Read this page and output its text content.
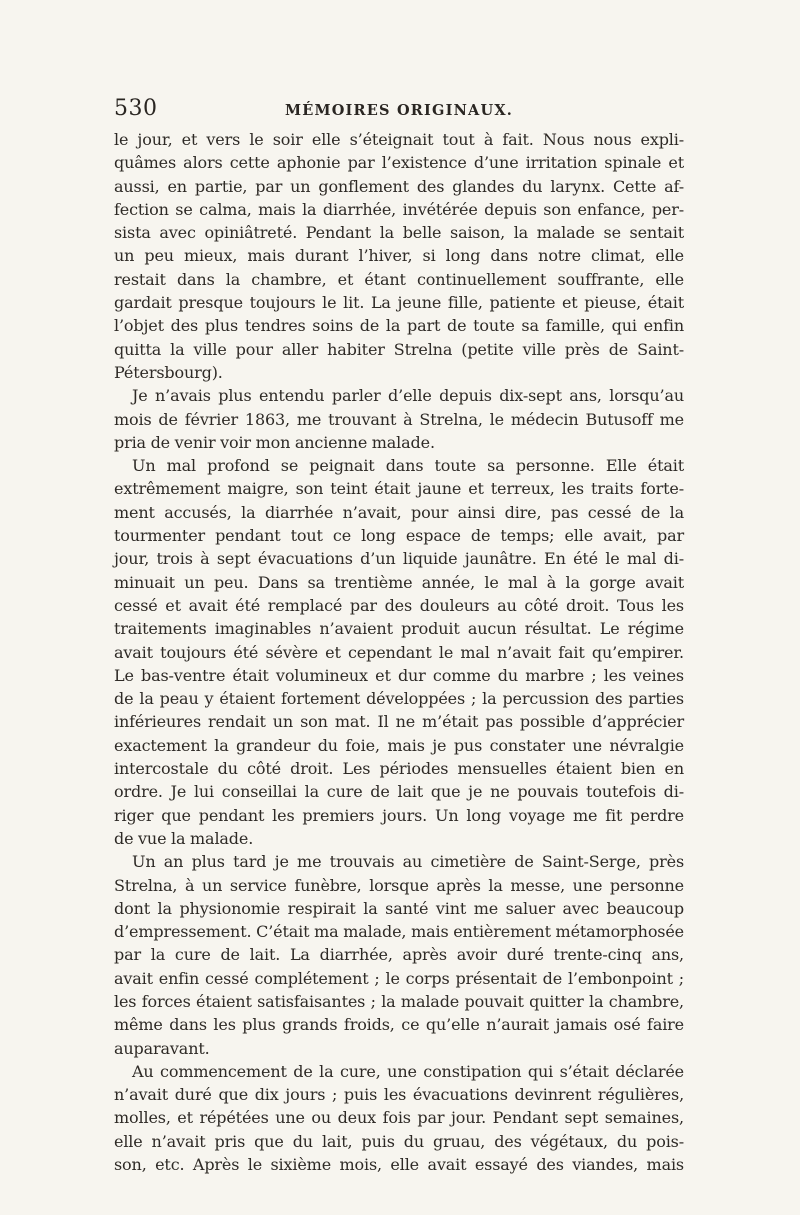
530	MÉMOIRES ORIGINAUX.
le jour, et vers le soir elle s’éteignait tout à fait. Nous nous expli-
quâmes alors cette aphonie par l’existence d’une irritation spinale et
aussi, en partie, par un gonflement des glandes du larynx. Cette af-
fection se calma, mais la diarrhée, invétérée depuis son enfance, per-
sista avec opiniâtreté. Pendant la belle saison, la malade se sentait
un peu mieux, mais durant l’hiver, si long dans notre climat, elle
restait dans la chambre, et étant continuellement souffrante, elle
gardait presque toujours le lit. La jeune fille, patiente et pieuse, était
l’objet des plus tendres soins de la part de toute sa famille, qui enfin
quitta la ville pour aller habiter Strelna (petite ville près de Saint-
Pétersbourg).
Je n’avais plus entendu parler d’elle depuis dix-sept ans, lorsqu’au
mois de février 1863, me trouvant à Strelna, le médecin Butusoff me
pria de venir voir mon ancienne malade.
Un mal profond se peignait dans toute sa personne. Elle était
extrêmement maigre, son teint était jaune et terreux, les traits forte-
ment accusés, la diarrhée n’avait, pour ainsi dire, pas cessé de la
tourmenter pendant tout ce long espace de temps; elle avait, par
jour, trois à sept évacuations d’un liquide jaunâtre. En été le mal di-
minuait un peu. Dans sa trentième année, le mal à la gorge avait
cessé et avait été remplacé par des douleurs au côté droit. Tous les
traitements imaginables n’avaient produit aucun résultat. Le régime
avait toujours été sévère et cependant le mal n’avait fait qu’empirer.
Le bas-ventre était volumineux et dur comme du marbre ; les veines
de la peau y étaient fortement développées ; la percussion des parties
inférieures rendait un son mat. Il ne m’était pas possible d’apprécier
exactement la grandeur du foie, mais je pus constater une névralgie
intercostale du côté droit. Les périodes mensuelles étaient bien en
ordre. Je lui conseillai la cure de lait que je ne pouvais toutefois di-
riger que pendant les premiers jours. Un long voyage me fit perdre
de vue la malade.
Un an plus tard je me trouvais au cimetière de Saint-Serge, près
Strelna, à un service funèbre, lorsque après la messe, une personne
dont la physionomie respirait la santé vint me saluer avec beaucoup
d’empressement. C’était ma malade, mais entièrement métamorphosée
par la cure de lait. La diarrhée, après avoir duré trente-cinq ans,
avait enfin cessé complétement ; le corps présentait de l’embonpoint ;
les forces étaient satisfaisantes ; la malade pouvait quitter la chambre,
même dans les plus grands froids, ce qu’elle n’aurait jamais osé faire
auparavant.
Au commencement de la cure, une constipation qui s’était déclarée
n’avait duré que dix jours ; puis les évacuations devinrent régulières,
molles, et répétées une ou deux fois par jour. Pendant sept semaines,
elle n’avait pris que du lait, puis du gruau, des végétaux, du pois-
son, etc. Après le sixième mois, elle avait essayé des viandes, mais
